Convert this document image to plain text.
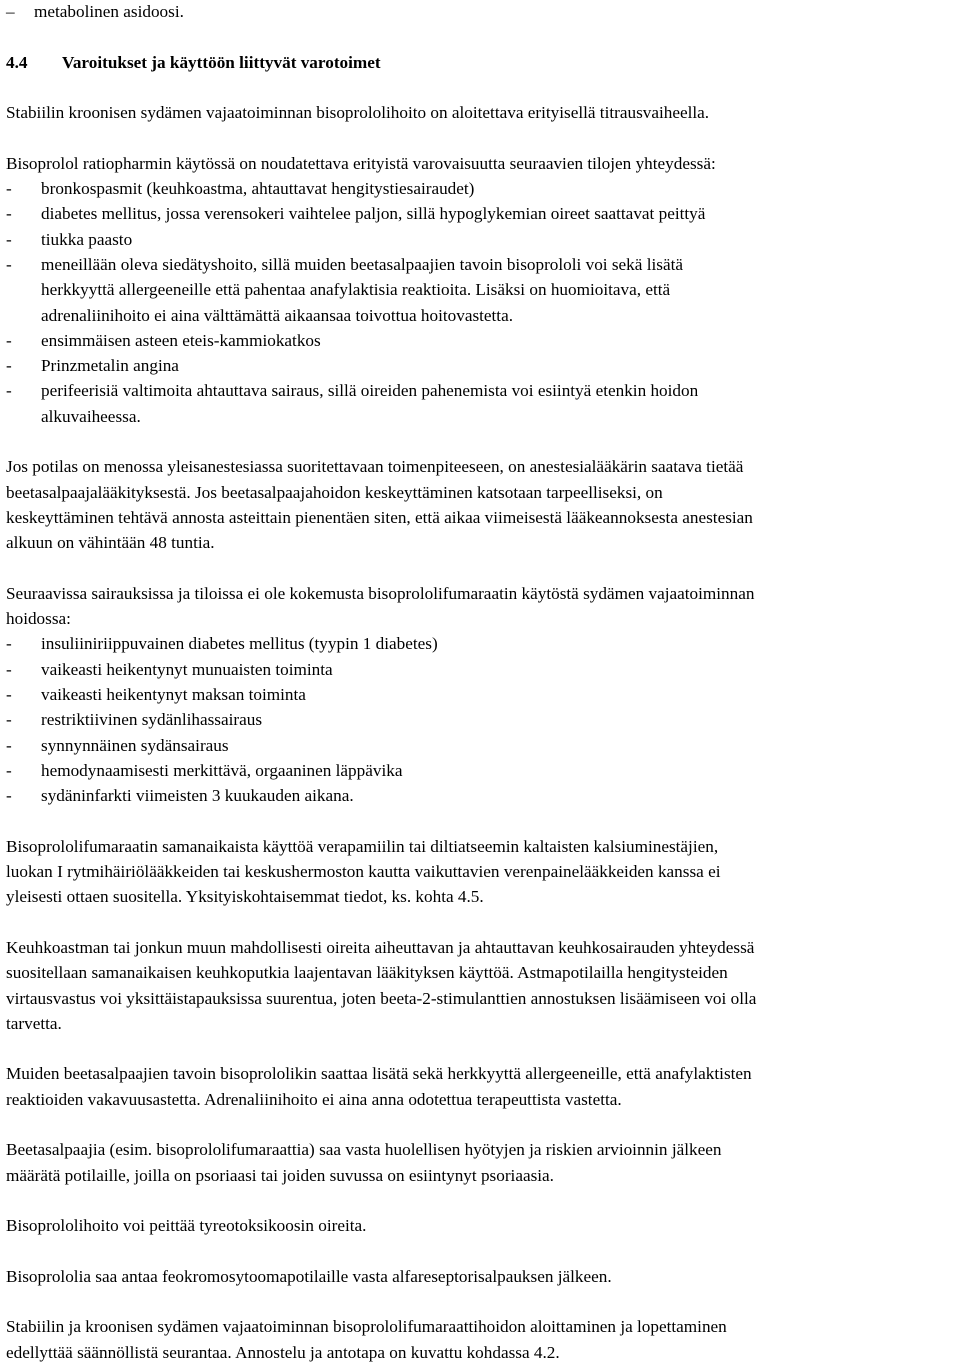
–	metabolinen asidoosi.
4.4 Varoitukset ja käyttöön liittyvät varotoimet
Stabiilin kroonisen sydämen vajaatoiminnan bisoprololihoito on aloitettava erityisellä titrausvaiheella.
Bisoprolol ratiopharmin käytössä on noudatettava erityistä varovaisuutta seuraavien tilojen yhteydessä:
-	bronkospasmit (keuhkoastma, ahtauttavat hengitystiesairaudet)
-	diabetes mellitus, jossa verensokeri vaihtelee paljon, sillä hypoglykemian oireet saattavat peittyä
-	tiukka paasto
-	meneillään oleva siedätyshoito, sillä muiden beetasalpaajien tavoin bisoprololi voi sekä lisätä
herkkyyttä allergeeneille että pahentaa anafylaktisia reaktioita. Lisäksi on huomioitava, että
adrenaliinihoito ei aina välttämättä aikaansaa toivottua hoitovastetta.
-	ensimmäisen asteen eteis-kammiokatkos
-	Prinzmetalin angina
-	perifeerisiä valtimoita ahtauttava sairaus, sillä oireiden pahenemista voi esiintyä etenkin hoidon
alkuvaiheessa.
Jos potilas on menossa yleisanestesiassa suoritettavaan toimenpiteeseen, on anestesialääkärin saatava tietää
beetasalpaajalääkityksestä. Jos beetasalpaajahoidon keskeyttäminen katsotaan tarpeelliseksi, on
keskeyttäminen tehtävä annosta asteittain pienentäen siten, että aikaa viimeisestä lääkeannoksesta anestesian
alkuun on vähintään 48 tuntia.
Seuraavissa sairauksissa ja tiloissa ei ole kokemusta bisoprololifumaraatin käytöstä sydämen vajaatoiminnan
hoidossa:
-	insuliiniriippuvainen diabetes mellitus (tyypin 1 diabetes)
-	vaikeasti heikentynyt munuaisten toiminta
-	vaikeasti heikentynyt maksan toiminta
-	restriktiivinen sydänlihassairaus
-	synnynnäinen sydänsairaus
-	hemodynaamisesti merkittävä, orgaaninen läppävika
-	sydäninfarkti viimeisten 3 kuukauden aikana.
Bisoprololifumaraatin samanaikaista käyttöä verapamiilin tai diltiatseemin kaltaisten kalsiuminestäjien,
luokan I rytmihäiriölääkkeiden tai keskushermoston kautta vaikuttavien verenpainelääkkeiden kanssa ei
yleisesti ottaen suositella. Yksityiskohtaisemmat tiedot, ks. kohta 4.5.
Keuhkoastman tai jonkun muun mahdollisesti oireita aiheuttavan ja ahtauttavan keuhkosairauden yhteydessä
suositellaan samanaikaisen keuhkoputkia laajentavan lääkityksen käyttöä. Astmapotilailla hengitysteiden
virtausvastus voi yksittäistapauksissa suurentua, joten beeta-2-stimulanttien annostuksen lisäämiseen voi olla
tarvetta.
Muiden beetasalpaajien tavoin bisoprololikin saattaa lisätä sekä herkkyyttä allergeeneille, että anafylaktisten
reaktioiden vakavuusastetta. Adrenaliinihoito ei aina anna odotettua terapeuttista vastetta.
Beetasalpaajia (esim. bisoprololifumaraattia) saa vasta huolellisen hyötyjen ja riskien arvioinnin jälkeen
määrätä potilaille, joilla on psoriaasi tai joiden suvussa on esiintynyt psoriaasia.
Bisoprololihoito voi peittää tyreotoksikoosin oireita.
Bisoprololia saa antaa feokromosytoomapotilaille vasta alfareseptorisalpauksen jälkeen.
Stabiilin ja kroonisen sydämen vajaatoiminnan bisoprololifumaraattihoidon aloittaminen ja lopettaminen
edellyttää säännöllistä seurantaa. Annostelu ja antotapa on kuvattu kohdassa 4.2.
